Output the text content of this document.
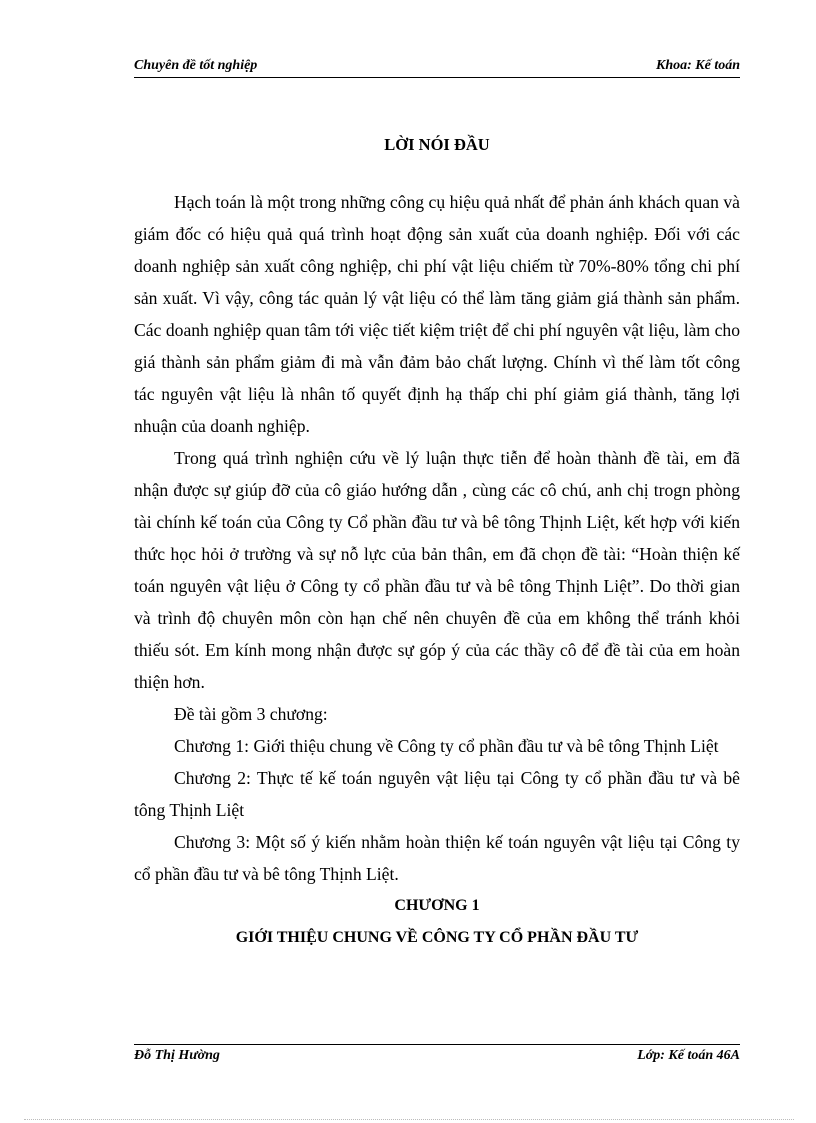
Chuyên đề tốt nghiệp	Khoa: Kế toán
LỜI NÓI ĐẦU

Hạch toán là một trong những công cụ hiệu quả nhất để phản ánh khách quan và giám đốc có hiệu quả quá trình hoạt động sản xuất của doanh nghiệp. Đối với các doanh nghiệp sản xuất công nghiệp, chi phí vật liệu chiếm từ 70%-80% tổng chi phí sản xuất. Vì vậy, công tác quản lý vật liệu có thể làm tăng giảm giá thành sản phẩm. Các doanh nghiệp quan tâm tới việc tiết kiệm triệt để chi phí nguyên vật liệu, làm cho giá thành sản phẩm giảm đi mà vẫn đảm bảo chất lượng. Chính vì thế làm tốt công tác nguyên vật liệu là nhân tố quyết định hạ thấp chi phí giảm giá thành, tăng lợi nhuận của doanh nghiệp.

Trong quá trình nghiện cứu về lý luận thực tiễn để hoàn thành đề tài, em đã nhận được sự giúp đỡ của cô giáo hướng dẫn , cùng các cô chú, anh chị trogn phòng tài chính kế toán của Công ty Cổ phần đầu tư và bê tông Thịnh Liệt, kết hợp với kiến thức học hỏi ở trường và sự nỗ lực của bản thân, em đã chọn đề tài: “Hoàn thiện kế toán nguyên vật liệu ở Công ty cổ phần đầu tư và bê tông Thịnh Liệt”. Do thời gian và trình độ chuyên môn còn hạn chế nên chuyên đề của em không thể tránh khỏi thiếu sót. Em kính mong nhận được sự góp ý của các thầy cô để đề tài của em hoàn thiện hơn.

Đề tài gồm 3 chương:

Chương 1: Giới thiệu chung về Công ty cổ phần đầu tư và bê tông Thịnh Liệt

Chương 2: Thực tế kế toán nguyên vật liệu tại Công ty cổ phần đầu tư và bê tông Thịnh Liệt

Chương 3: Một số ý kiến nhằm hoàn thiện kế toán nguyên vật liệu tại Công ty cổ phần đầu tư và bê tông Thịnh Liệt.

CHƯƠNG 1
GIỚI THIỆU CHUNG VỀ CÔNG TY CỔ PHẦN ĐẦU TƯ
Đỗ Thị Hường	Lớp: Kế toán 46A
